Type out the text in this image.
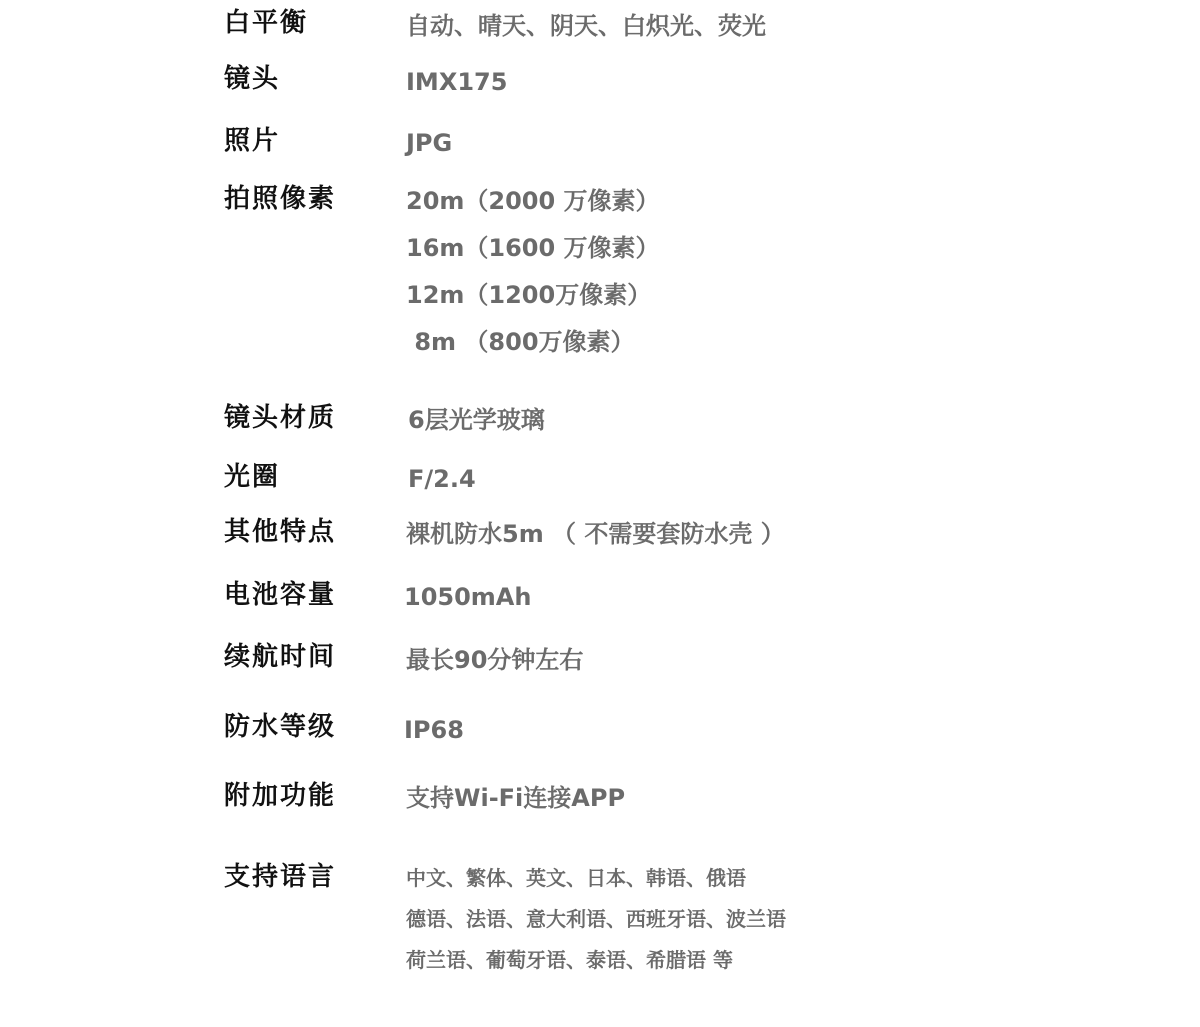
白平衡	自动、晴天、阴天、白炽光、荧光
镜头	IMX175
照片	JPG
拍照像素	20m（2000 万像素）
16m（1600 万像素）
12m（1200万像素）
8m （800万像素）
镜头材质	6层光学玻璃
光圈	F/2.4
其他特点	裸机防水5m （ 不需要套防水壳 ）
电池容量	1050mAh
续航时间	最长90分钟左右
防水等级	IP68
附加功能	支持Wi-Fi连接APP
支持语言	中文、繁体、英文、日本、韩语、俄语
德语、法语、意大利语、西班牙语、波兰语
荷兰语、葡萄牙语、泰语、希腊语 等
